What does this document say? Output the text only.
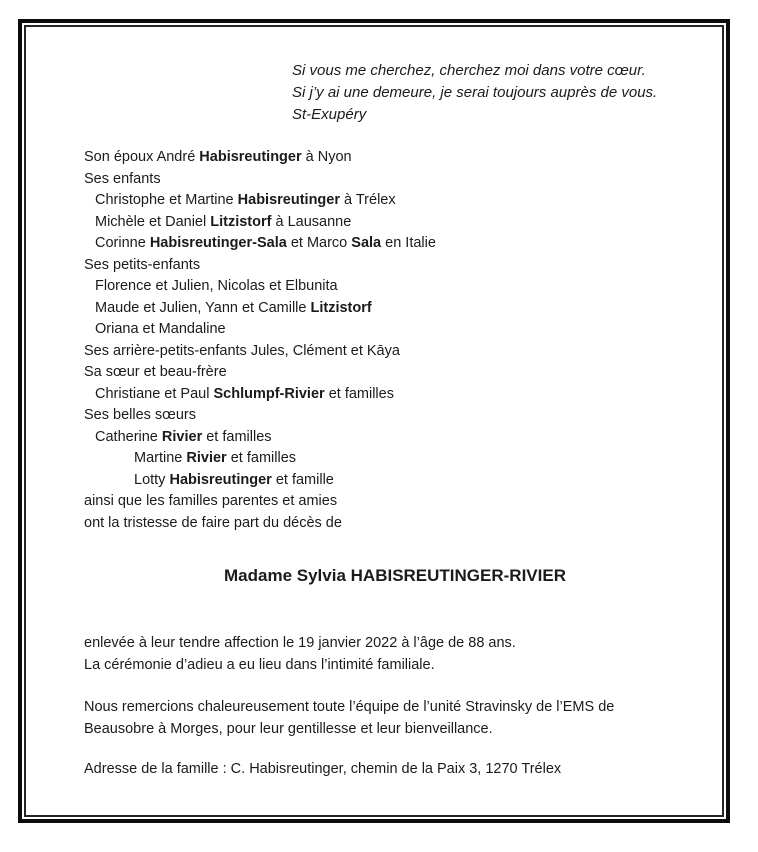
Si vous me cherchez, cherchez moi dans votre cœur.
Si j’y ai une demeure, je serai toujours auprès de vous.
St-Exupéry
Son époux André Habisreutinger à Nyon
Ses enfants
Christophe et Martine Habisreutinger à Trélex
Michèle et Daniel Litzistorf à Lausanne
Corinne Habisreutinger-Sala et Marco Sala en Italie
Ses petits-enfants
Florence et Julien, Nicolas et Elbunita
Maude et Julien, Yann et Camille Litzistorf
Oriana et Mandaline
Ses arrière-petits-enfants Jules, Clément et Kāya
Sa sœur et beau-frère
Christiane et Paul Schlumpf-Rivier et familles
Ses belles sœurs
Catherine Rivier et familles
Martine Rivier et familles
Lotty Habisreutinger et famille
ainsi que les familles parentes et amies
ont la tristesse de faire part du décès de
Madame Sylvia HABISREUTINGER-RIVIER
enlevée à leur tendre affection le 19 janvier 2022 à l’âge de 88 ans.
La cérémonie d’adieu a eu lieu dans l’intimité familiale.
Nous remercions chaleureusement toute l’équipe de l’unité Stravinsky de l’EMS de
Beausobre à Morges, pour leur gentillesse et leur bienveillance.
Adresse de la famille : C. Habisreutinger, chemin de la Paix 3, 1270 Trélex
